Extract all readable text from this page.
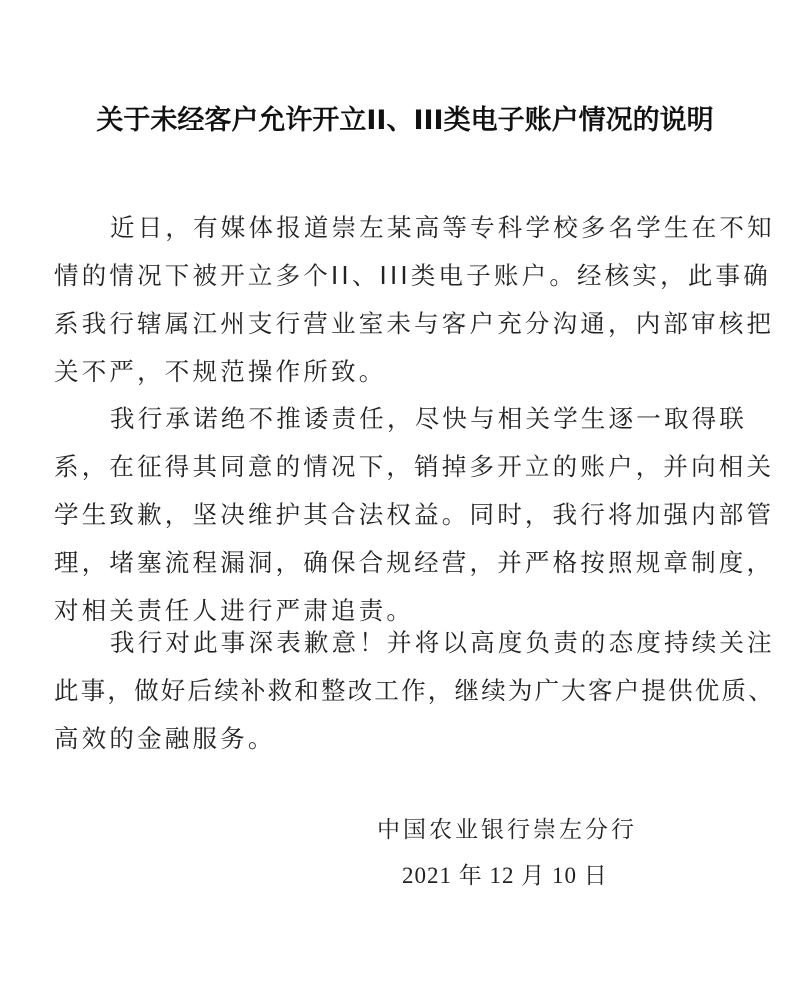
关于未经客户允许开立II、III类电子账户情况的说明
近日，有媒体报道崇左某高等专科学校多名学生在不知
情的情况下被开立多个II、III类电子账户。经核实，此事确
系我行辖属江州支行营业室未与客户充分沟通，内部审核把
关不严，不规范操作所致。
我行承诺绝不推诿责任，尽快与相关学生逐一取得联
系，在征得其同意的情况下，销掉多开立的账户，并向相关
学生致歉，坚决维护其合法权益。同时，我行将加强内部管
理，堵塞流程漏洞，确保合规经营，并严格按照规章制度，
对相关责任人进行严肃追责。
我行对此事深表歉意！并将以高度负责的态度持续关注
此事，做好后续补救和整改工作，继续为广大客户提供优质、
高效的金融服务。
中国农业银行崇左分行
2021 年 12 月 10 日
